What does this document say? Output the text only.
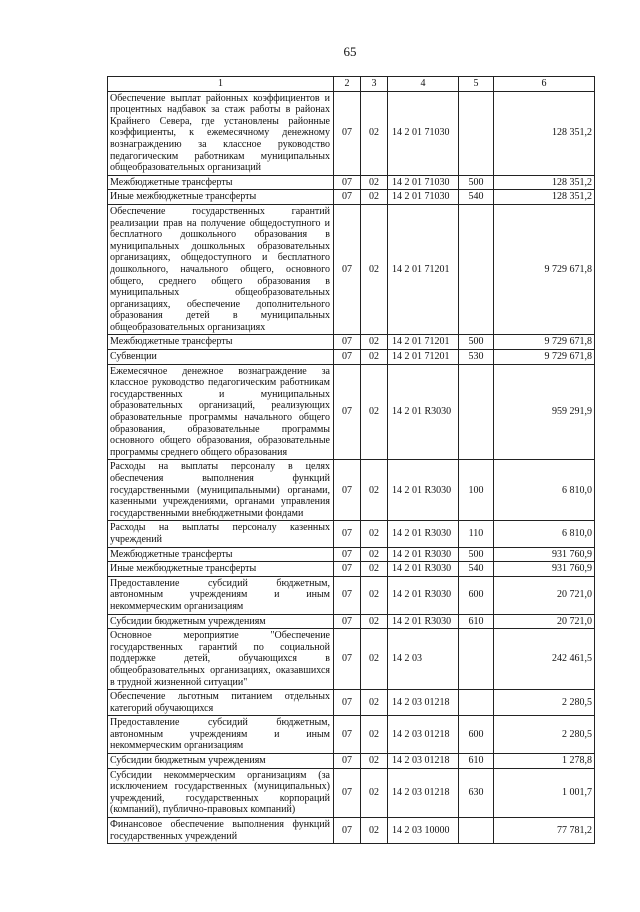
65
1	2	3	4	5	6
Обеспечение выплат районных коэффициентов и процентных надбавок за стаж работы в районах Крайнего Севера, где установлены районные коэффициенты, к ежемесячному денежному вознаграждению за классное руководство педагогическим работникам муниципальных общеобразовательных организаций	07	02	14 2 01 71030		128 351,2
Межбюджетные трансферты	07	02	14 2 01 71030	500	128 351,2
Иные межбюджетные трансферты	07	02	14 2 01 71030	540	128 351,2
Обеспечение государственных гарантий реализации прав на получение общедоступного и бесплатного дошкольного образования в муниципальных дошкольных образовательных организациях, общедоступного и бесплатного дошкольного, начального общего, основного общего, среднего общего образования в муниципальных общеобразовательных организациях, обеспечение дополнительного образования детей в муниципальных общеобразовательных организациях	07	02	14 2 01 71201		9 729 671,8
Межбюджетные трансферты	07	02	14 2 01 71201	500	9 729 671,8
Субвенции	07	02	14 2 01 71201	530	9 729 671,8
Ежемесячное денежное вознаграждение за классное руководство педагогическим работникам государственных и муниципальных образовательных организаций, реализующих образовательные программы начального общего образования, образовательные программы основного общего образования, образовательные программы среднего общего образования	07	02	14 2 01 R3030		959 291,9
Расходы на выплаты персоналу в целях обеспечения выполнения функций государственными (муниципальными) органами, казенными учреждениями, органами управления государственными внебюджетными фондами	07	02	14 2 01 R3030	100	6 810,0
Расходы на выплаты персоналу казенных учреждений	07	02	14 2 01 R3030	110	6 810,0
Межбюджетные трансферты	07	02	14 2 01 R3030	500	931 760,9
Иные межбюджетные трансферты	07	02	14 2 01 R3030	540	931 760,9
Предоставление субсидий бюджетным, автономным учреждениям и иным некоммерческим организациям	07	02	14 2 01 R3030	600	20 721,0
Субсидии бюджетным учреждениям	07	02	14 2 01 R3030	610	20 721,0
Основное мероприятие "Обеспечение государственных гарантий по социальной поддержке детей, обучающихся в общеобразовательных организациях, оказавшихся в трудной жизненной ситуации"	07	02	14 2 03		242 461,5
Обеспечение льготным питанием отдельных категорий обучающихся	07	02	14 2 03 01218		2 280,5
Предоставление субсидий бюджетным, автономным учреждениям и иным некоммерческим организациям	07	02	14 2 03 01218	600	2 280,5
Субсидии бюджетным учреждениям	07	02	14 2 03 01218	610	1 278,8
Субсидии некоммерческим организациям (за исключением государственных (муниципальных) учреждений, государственных корпораций (компаний), публично-правовых компаний)	07	02	14 2 03 01218	630	1 001,7
Финансовое обеспечение выполнения функций государственных учреждений	07	02	14 2 03 10000		77 781,2
